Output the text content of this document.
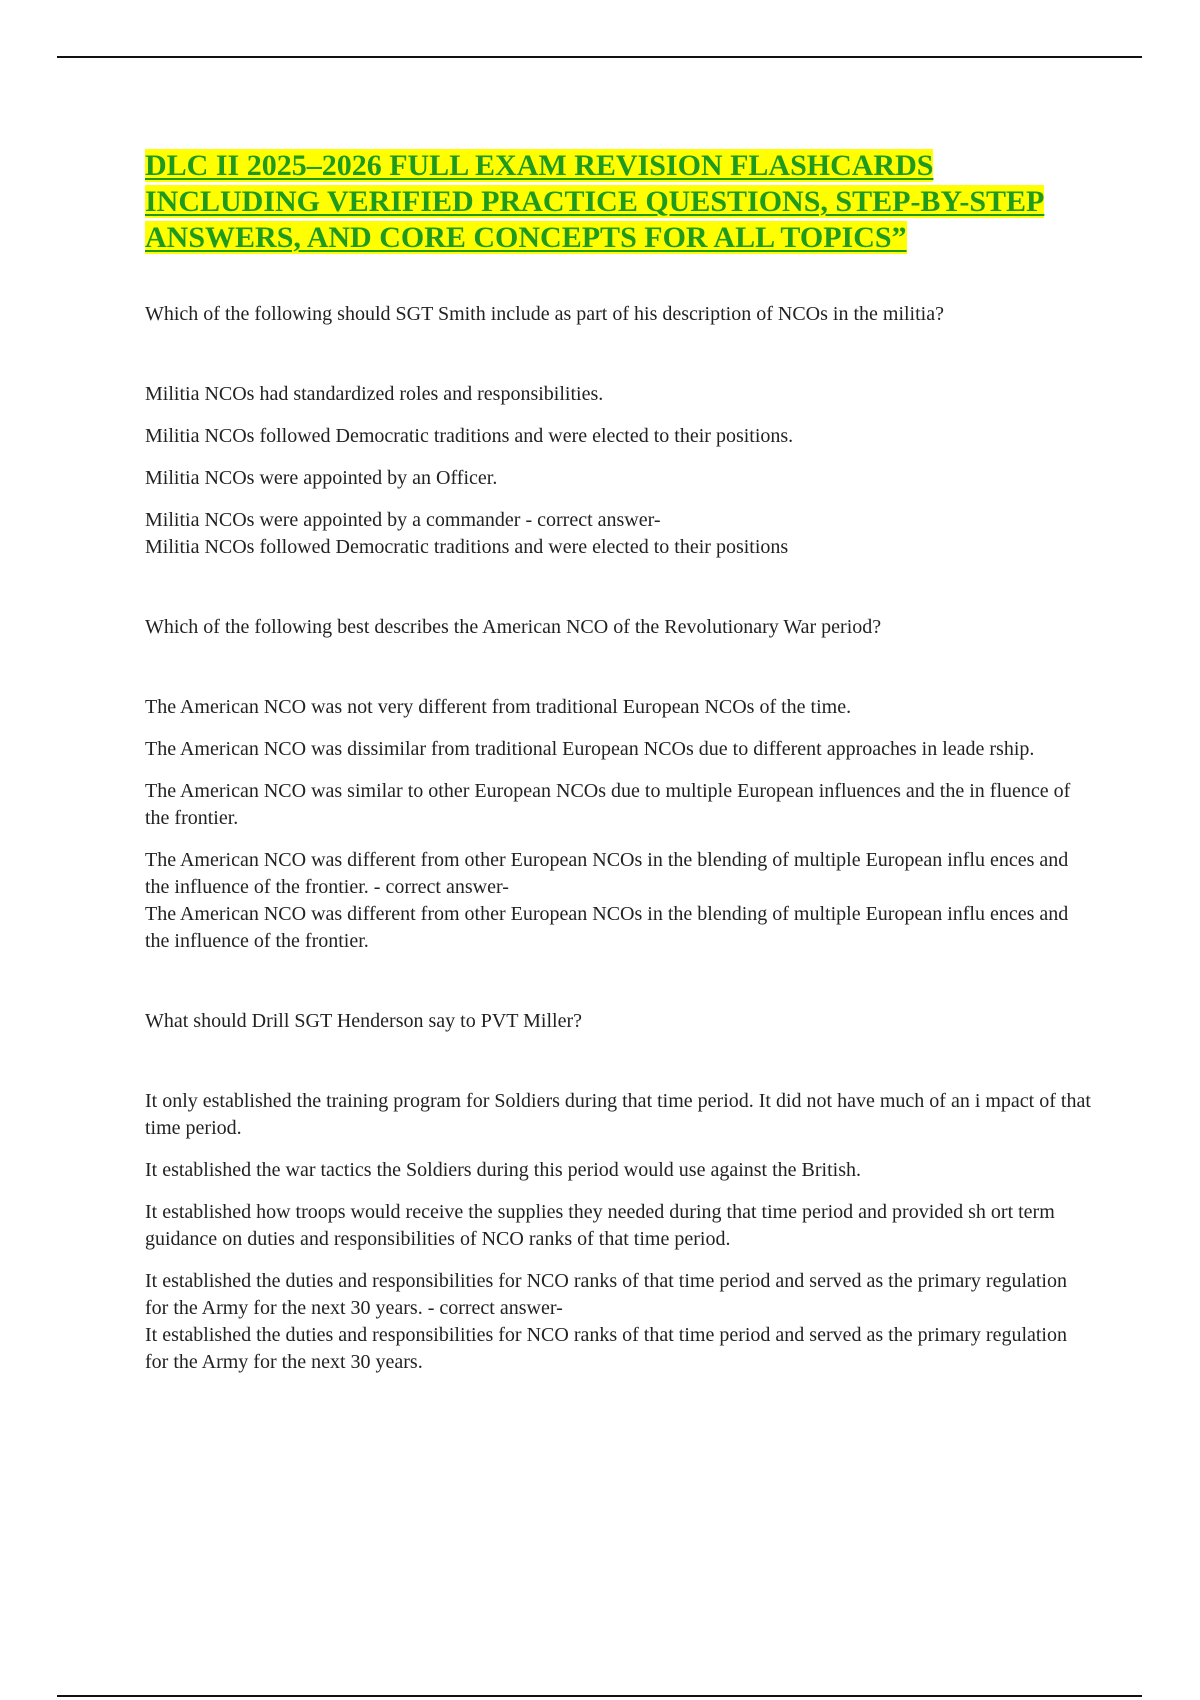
DLC II 2025–2026 FULL EXAM REVISION FLASHCARDS INCLUDING VERIFIED PRACTICE QUESTIONS, STEP-BY-STEP ANSWERS, AND CORE CONCEPTS FOR ALL TOPICS”

Which of the following should SGT Smith include as part of his description of NCOs in the militia?

Militia NCOs had standardized roles and responsibilities.

Militia NCOs followed Democratic traditions and were elected to their positions.

Militia NCOs were appointed by an Officer.

Militia NCOs were appointed by a commander - correct answer-
Militia NCOs followed Democratic traditions and were elected to their positions

Which of the following best describes the American NCO of the Revolutionary War period?

The American NCO was not very different from traditional European NCOs of the time.

The American NCO was dissimilar from traditional European NCOs due to different approaches in leade rship.

The American NCO was similar to other European NCOs due to multiple European influences and the in fluence of the frontier.

The American NCO was different from other European NCOs in the blending of multiple European influ ences and the influence of the frontier. - correct answer-
The American NCO was different from other European NCOs in the blending of multiple European influ ences and the influence of the frontier.

What should Drill SGT Henderson say to PVT Miller?

It only established the training program for Soldiers during that time period. It did not have much of an i mpact of that time period.

It established the war tactics the Soldiers during this period would use against the British.

It established how troops would receive the supplies they needed during that time period and provided sh ort term guidance on duties and responsibilities of NCO ranks of that time period.

It established the duties and responsibilities for NCO ranks of that time period and served as the primary regulation for the Army for the next 30 years. - correct answer-
It established the duties and responsibilities for NCO ranks of that time period and served as the primary regulation for the Army for the next 30 years.
